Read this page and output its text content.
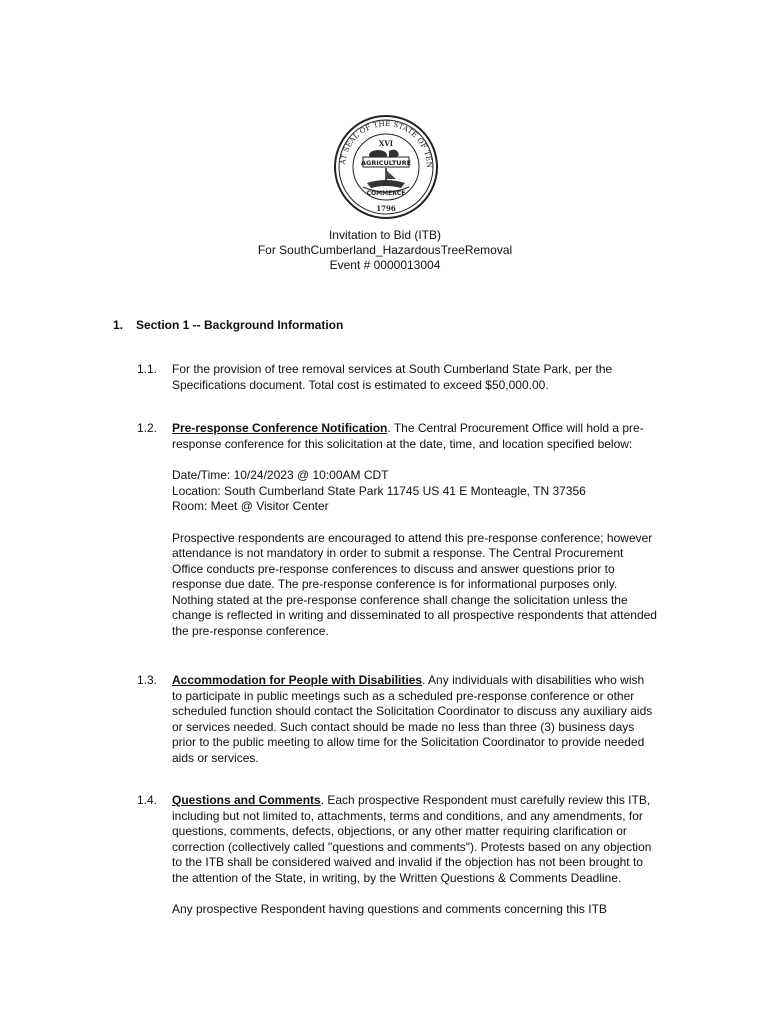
AT SEAL OF THE STATE OF TEN
XVI
AGRICULTURE
COMMERCE
1796
Invitation to Bid (ITB)
For SouthCumberland_HazardousTreeRemoval
Event # 0000013004
1. Section 1 -- Background Information
1.1. For the provision of tree removal services at South Cumberland State Park, per the Specifications document. Total cost is estimated to exceed $50,000.00.

1.2. Pre-response Conference Notification. The Central Procurement Office will hold a pre-response conference for this solicitation at the date, time, and location specified below:

Date/Time: 10/24/2023 @ 10:00AM CDT
Location: South Cumberland State Park 11745 US 41 E Monteagle, TN 37356
Room: Meet @ Visitor Center

Prospective respondents are encouraged to attend this pre-response conference; however attendance is not mandatory in order to submit a response. The Central Procurement Office conducts pre-response conferences to discuss and answer questions prior to response due date. The pre-response conference is for informational purposes only. Nothing stated at the pre-response conference shall change the solicitation unless the change is reflected in writing and disseminated to all prospective respondents that attended the pre-response conference.

1.3. Accommodation for People with Disabilities. Any individuals with disabilities who wish to participate in public meetings such as a scheduled pre-response conference or other scheduled function should contact the Solicitation Coordinator to discuss any auxiliary aids or services needed. Such contact should be made no less than three (3) business days prior to the public meeting to allow time for the Solicitation Coordinator to provide needed aids or services.

1.4. Questions and Comments. Each prospective Respondent must carefully review this ITB, including but not limited to, attachments, terms and conditions, and any amendments, for questions, comments, defects, objections, or any other matter requiring clarification or correction (collectively called "questions and comments"). Protests based on any objection to the ITB shall be considered waived and invalid if the objection has not been brought to the attention of the State, in writing, by the Written Questions & Comments Deadline.

Any prospective Respondent having questions and comments concerning this ITB
